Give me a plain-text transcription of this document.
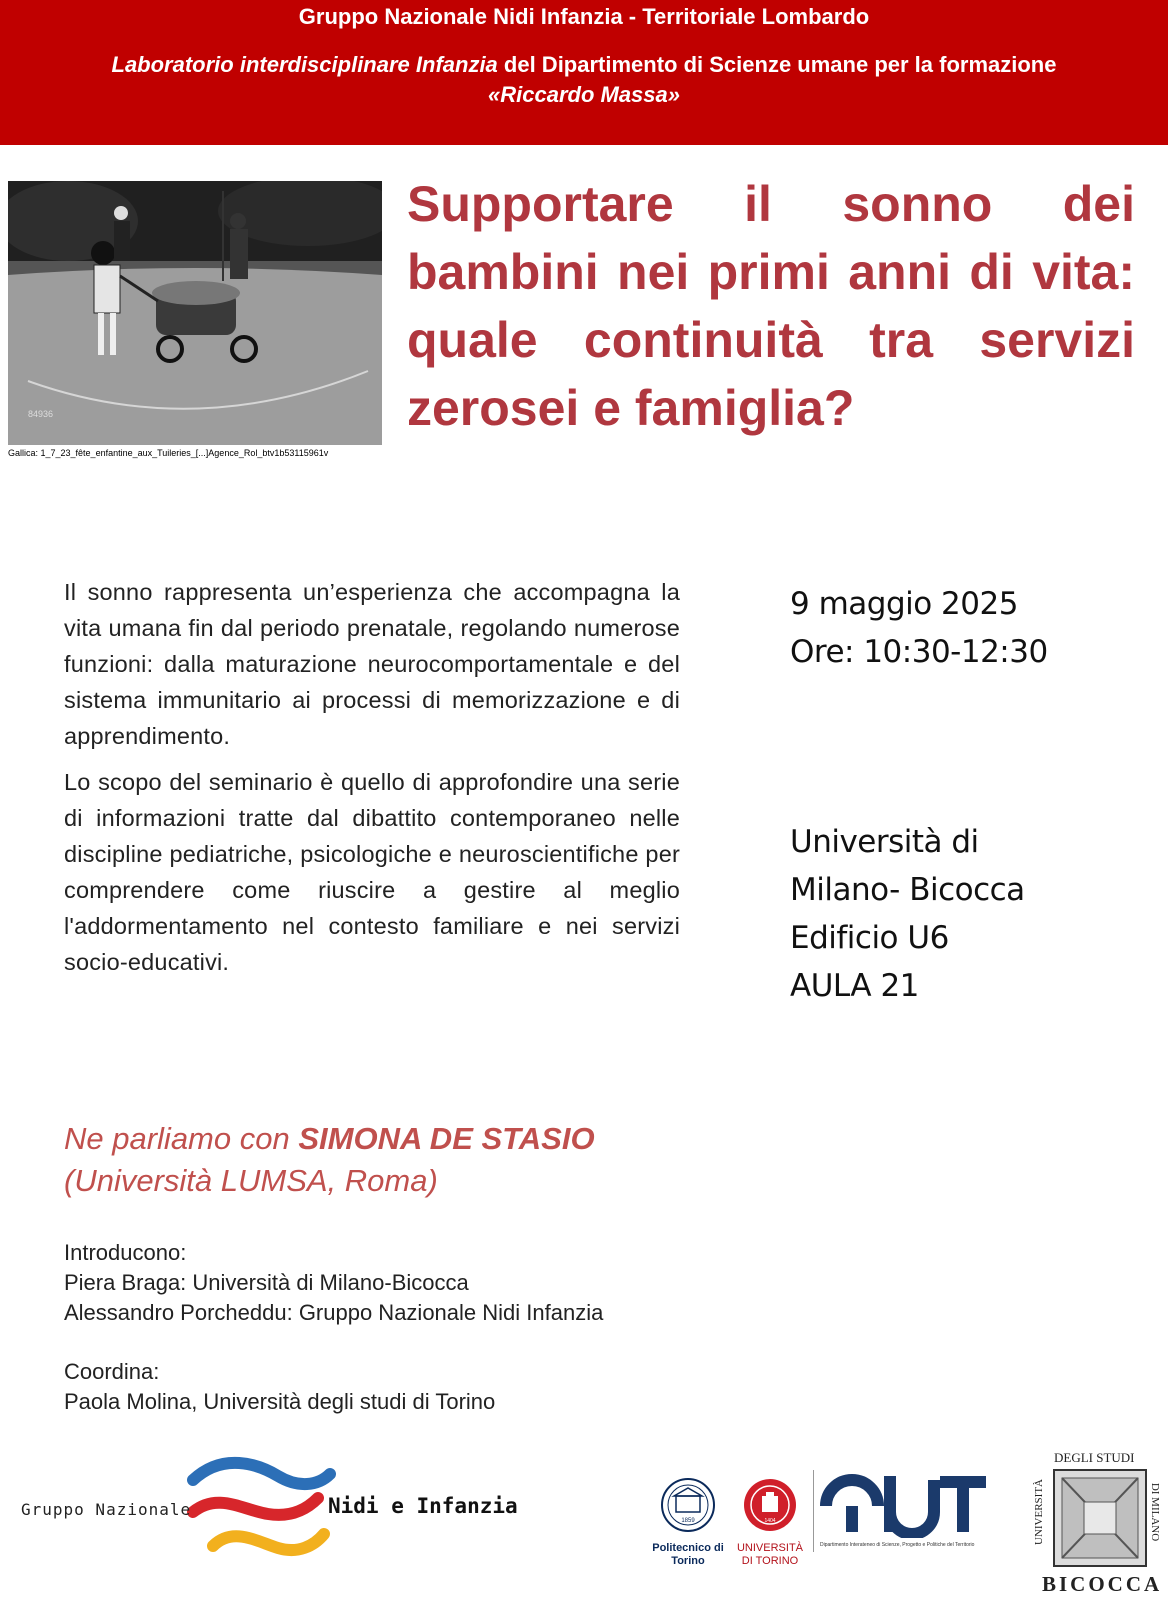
Gruppo Nazionale Nidi Infanzia - Territoriale Lombardo
Laboratorio interdisciplinare Infanzia del Dipartimento di Scienze umane per la formazione
«Riccardo Massa»
84936
Gallica: 1_7_23_fête_enfantine_aux_Tuileries_[...]Agence_Rol_btv1b53115961v
Supportare il sonno dei bambini nei primi anni di vita: quale continuità tra servizi zerosei e famiglia?

Il sonno rappresenta un’esperienza che accompagna la vita umana fin dal periodo prenatale, regolando numerose funzioni: dalla maturazione neurocomportamentale e del sistema immunitario ai processi di memorizzazione e di apprendimento.

Lo scopo del seminario è quello di approfondire una serie di informazioni tratte dal dibattito contemporaneo nelle discipline pediatriche, psicologiche e neuroscientifiche per comprendere come riuscire a gestire al meglio l'addormentamento nel contesto familiare e nei servizi socio-educativi.

9 maggio 2025
Ore: 10:30-12:30
Università di
Milano- Bicocca
Edificio U6
AULA 21
Ne parliamo con SIMONA DE STASIO
(Università LUMSA, Roma)
Introducono:
Piera Braga: Università di Milano-Bicocca
Alessandro Porcheddu: Gruppo Nazionale Nidi Infanzia
Coordina:
Paola Molina, Università degli studi di Torino
Gruppo Nazionale	Nidi e Infanzia
1859
Politecnico di Torino
1404
UNIVERSITÀ
DI TORINO
Dipartimento Interateneo di Scienze, Progetto e Politiche del Territorio
DEGLI STUDI
UNIVERSITÀ	DI MILANO
BICOCCA
